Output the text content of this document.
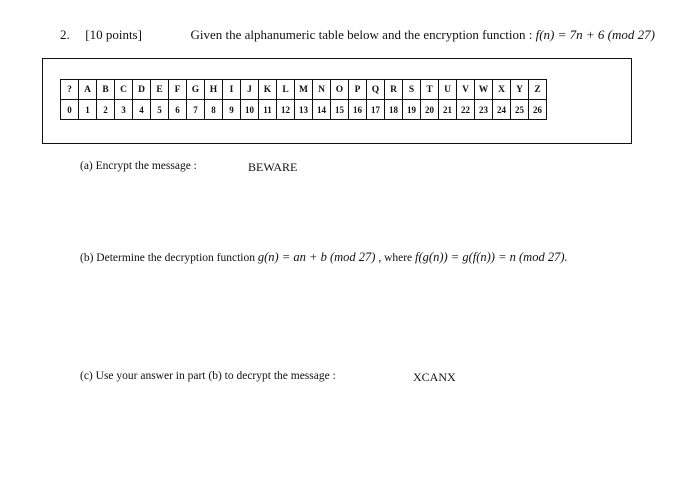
2. [10 points]	Given the alphanumeric table below and the encryption function : f(n) = 7n + 6 (mod 27)
?	A	B	C	D	E	F	G	H	I	J	K	L	M	N	O	P	Q	R	S	T	U	V	W	X	Y	Z
0	1	2	3	4	5	6	7	8	9	10	11	12	13	14	15	16	17	18	19	20	21	22	23	24	25	26
(a) Encrypt the message :	BEWARE
(b) Determine the decryption function g(n) = an + b (mod 27) , where f(g(n)) = g(f(n)) = n (mod 27).
(c) Use your answer in part (b) to decrypt the message :	XCANX
